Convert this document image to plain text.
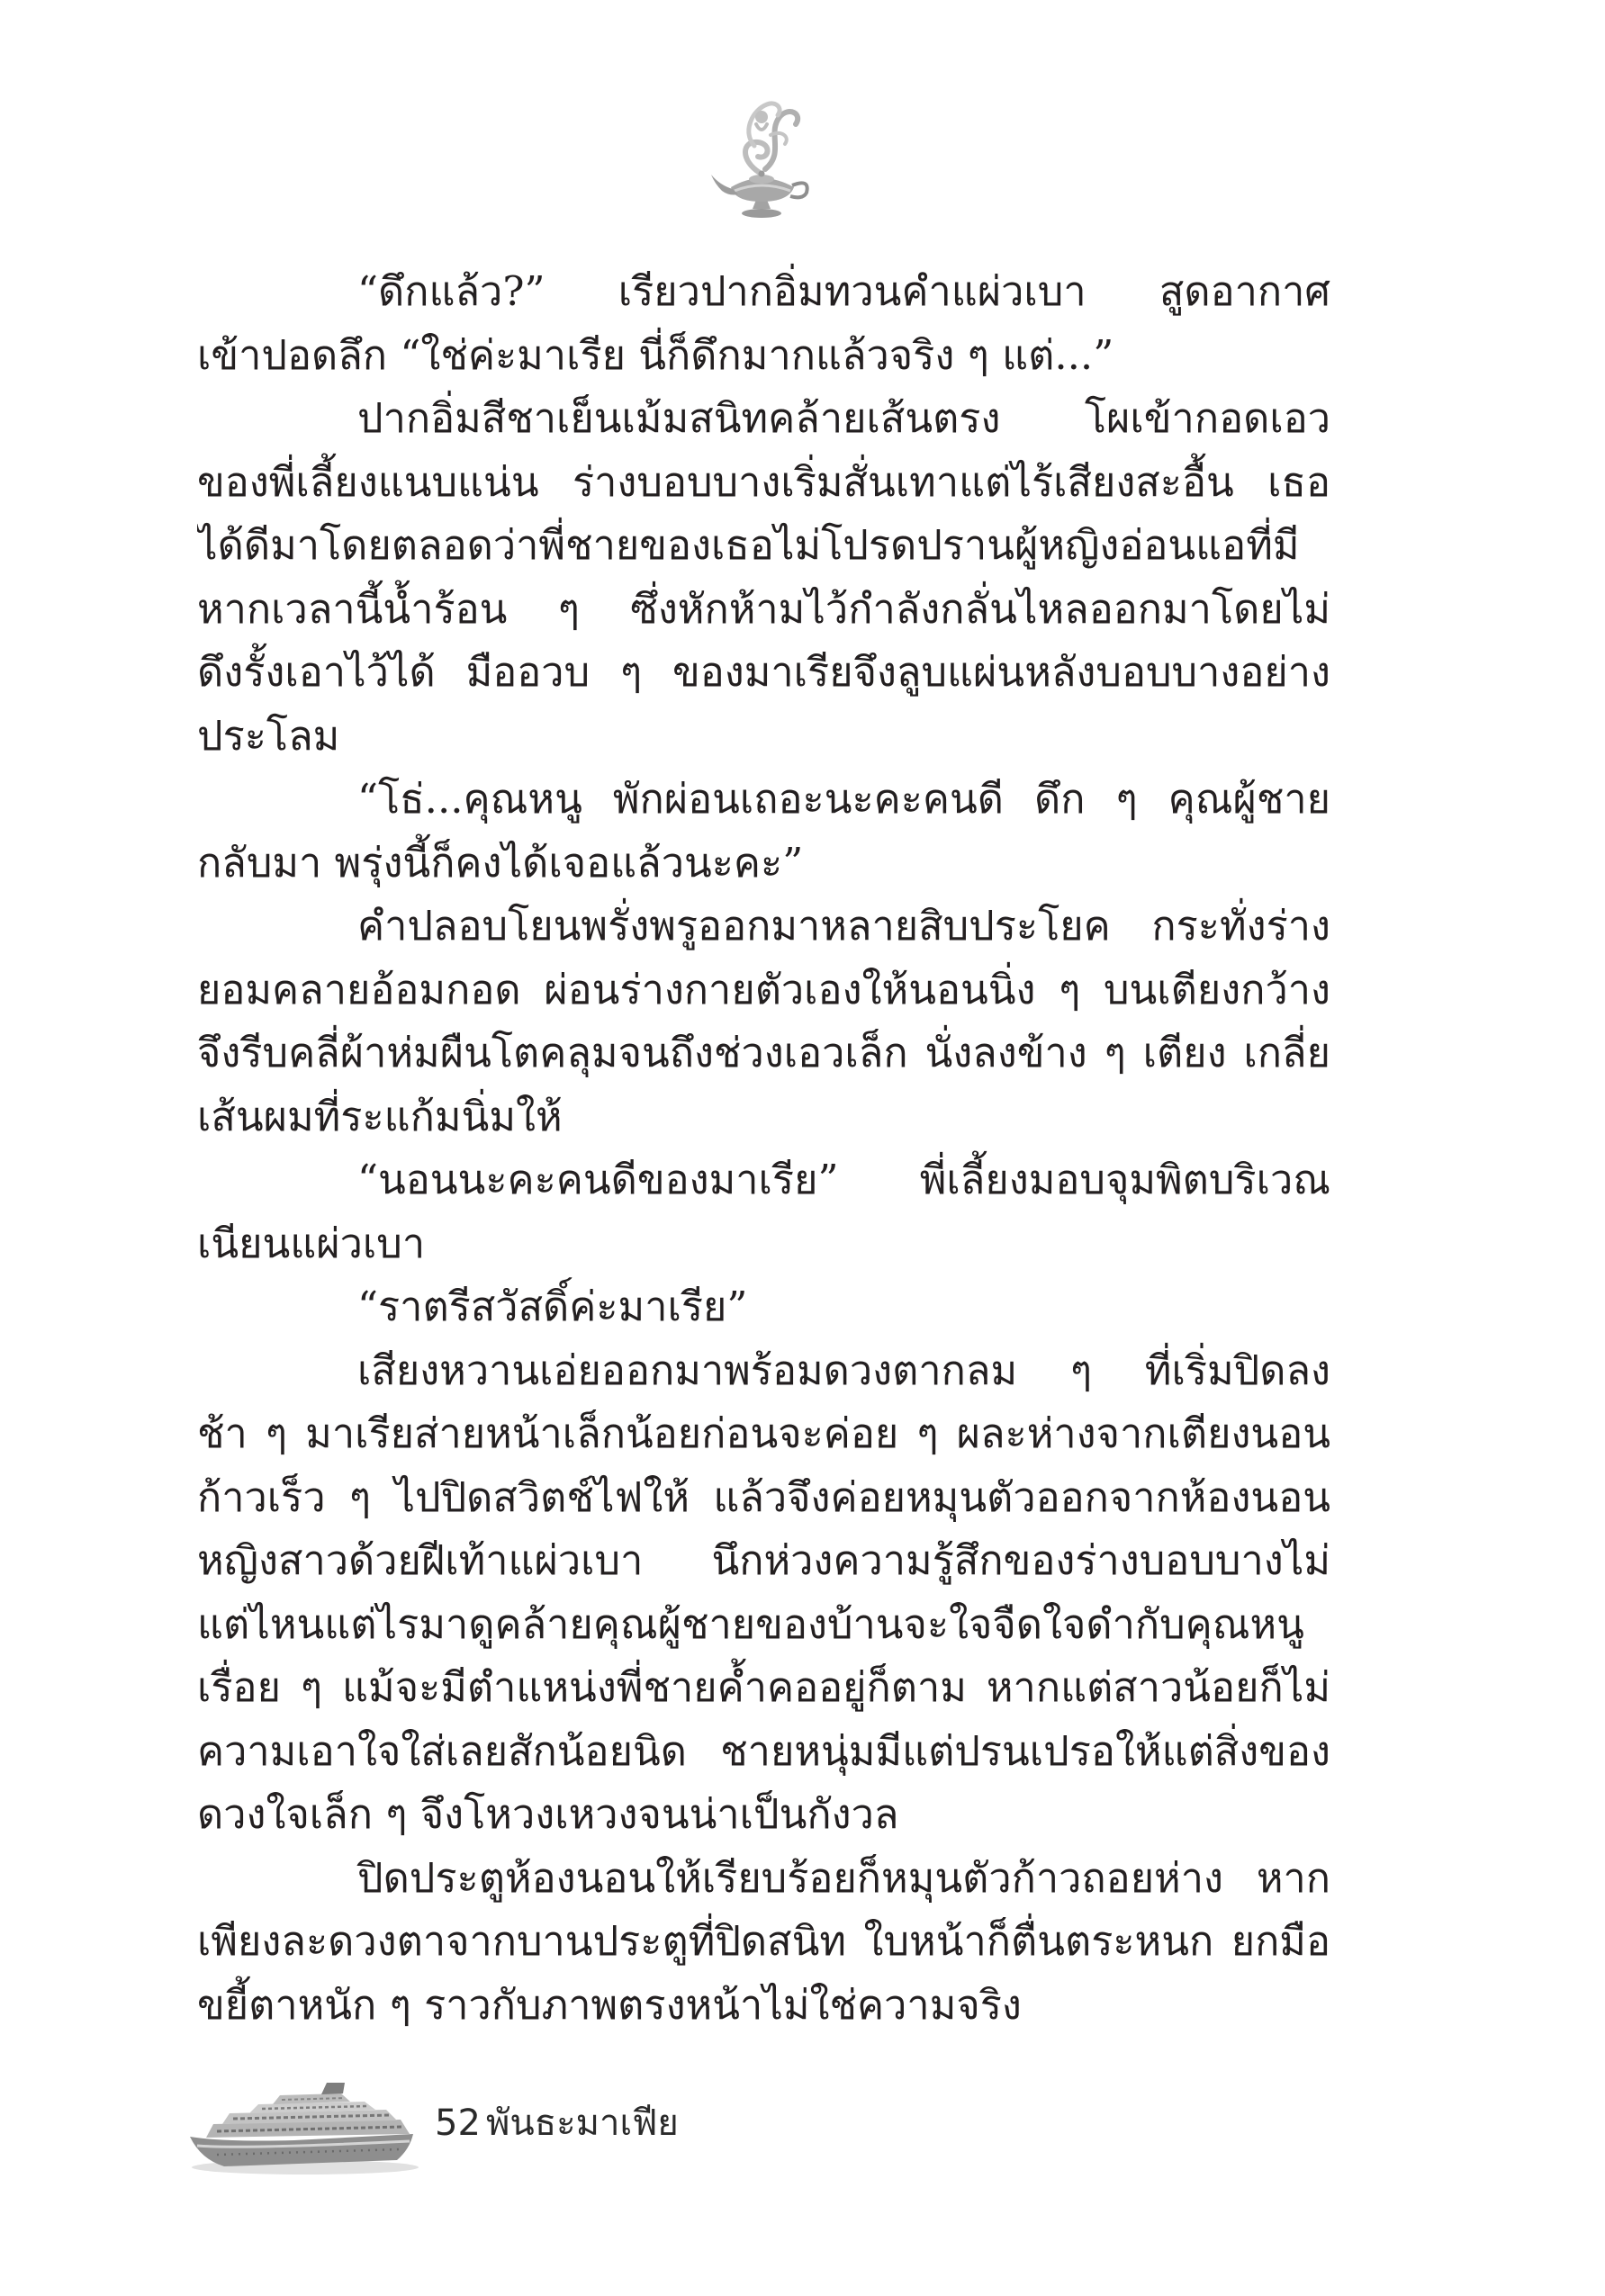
“ดึกแล้ว?” เรียวปากอิ่มทวนคำแผ่วเบา สูดอากาศ
เข้าปอดลึก “ใช่ค่ะมาเรีย นี่ก็ดึกมากแล้วจริง ๆ แต่...”
ปากอิ่มสีชาเย็นเม้มสนิทคล้ายเส้นตรง โผเข้ากอดเอว
ของพี่เลี้ยงแนบแน่น ร่างบอบบางเริ่มสั่นเทาแต่ไร้เสียงสะอื้น เธอ
ได้ดีมาโดยตลอดว่าพี่ชายของเธอไม่โปรดปรานผู้หญิงอ่อนแอที่มี
หากเวลานี้น้ำร้อน ๆ ซึ่งหักห้ามไว้กำลังกลั่นไหลออกมาโดยไม่
ดึงรั้งเอาไว้ได้ มืออวบ ๆ ของมาเรียจึงลูบแผ่นหลังบอบบางอย่าง
ประโลม
“โธ่...คุณหนู พักผ่อนเถอะนะคะคนดี ดึก ๆ คุณผู้ชาย
กลับมา พรุ่งนี้ก็คงได้เจอแล้วนะคะ”
คำปลอบโยนพรั่งพรูออกมาหลายสิบประโยค กระทั่งร่าง
ยอมคลายอ้อมกอด ผ่อนร่างกายตัวเองให้นอนนิ่ง ๆ บนเตียงกว้าง
จึงรีบคลี่ผ้าห่มผืนโตคลุมจนถึงช่วงเอวเล็ก นั่งลงข้าง ๆ เตียง เกลี่ย
เส้นผมที่ระแก้มนิ่มให้
“นอนนะคะคนดีของมาเรีย” พี่เลี้ยงมอบจุมพิตบริเวณ
เนียนแผ่วเบา
“ราตรีสวัสดิ์ค่ะมาเรีย”
เสียงหวานเอ่ยออกมาพร้อมดวงตากลม ๆ ที่เริ่มปิดลง
ช้า ๆ มาเรียส่ายหน้าเล็กน้อยก่อนจะค่อย ๆ ผละห่างจากเตียงนอน
ก้าวเร็ว ๆ ไปปิดสวิตช์ไฟให้ แล้วจึงค่อยหมุนตัวออกจากห้องนอน
หญิงสาวด้วยฝีเท้าแผ่วเบา นึกห่วงความรู้สึกของร่างบอบบางไม่
แต่ไหนแต่ไรมาดูคล้ายคุณผู้ชายของบ้านจะใจจืดใจดำกับคุณหนู
เรื่อย ๆ แม้จะมีตำแหน่งพี่ชายค้ำคออยู่ก็ตาม หากแต่สาวน้อยก็ไม่
ความเอาใจใส่เลยสักน้อยนิด ชายหนุ่มมีแต่ปรนเปรอให้แต่สิ่งของ
ดวงใจเล็ก ๆ จึงโหวงเหวงจนน่าเป็นกังวล
ปิดประตูห้องนอนให้เรียบร้อยก็หมุนตัวก้าวถอยห่าง หาก
เพียงละดวงตาจากบานประตูที่ปิดสนิท ใบหน้าก็ตื่นตระหนก ยกมือ
ขยี้ตาหนัก ๆ ราวกับภาพตรงหน้าไม่ใช่ความจริง
52 พันธะมาเฟีย
